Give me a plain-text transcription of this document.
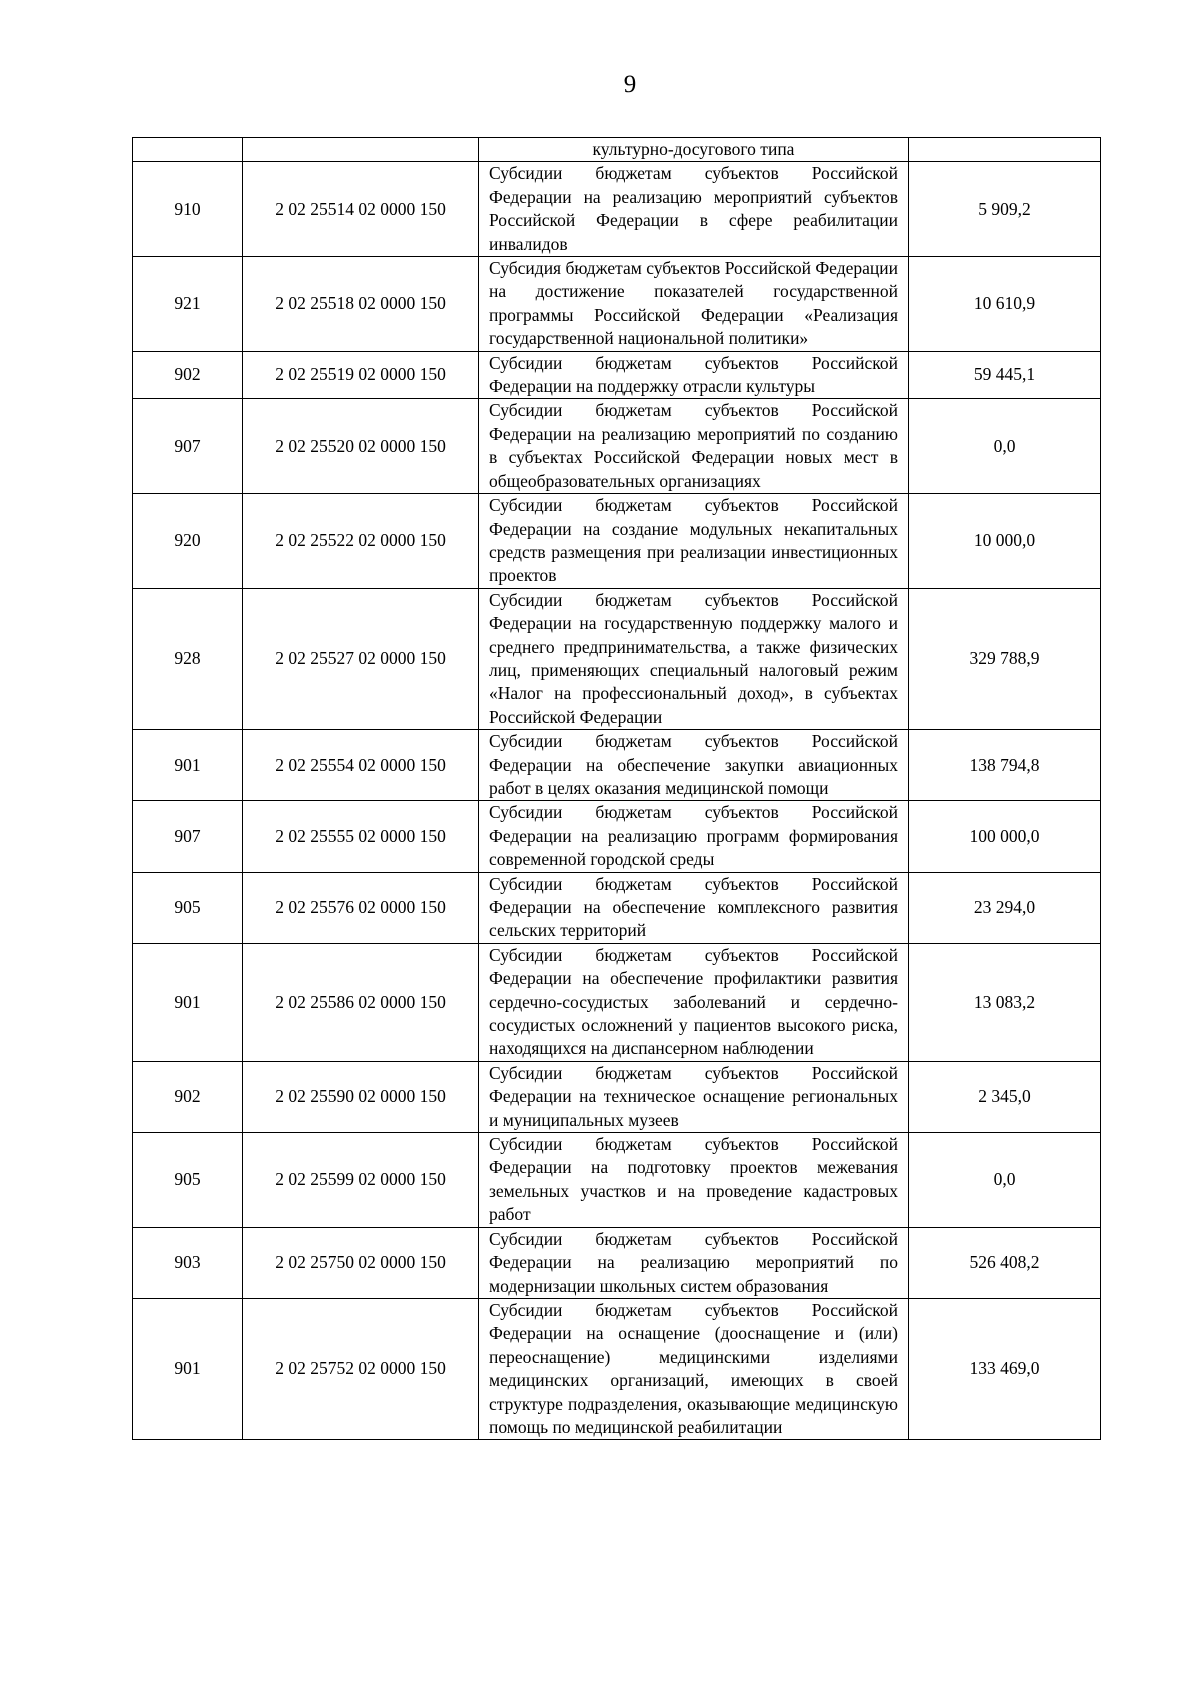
9
		культурно-досугового типа	
910	2 02 25514 02 0000 150	Субсидии бюджетам субъектов Российской Федерации на реализацию мероприятий субъектов Российской Федерации в сфере реабилитации инвалидов	5 909,2
921	2 02 25518 02 0000 150	Субсидия бюджетам субъектов Российской Федерации на достижение показателей государственной программы Российской Федерации «Реализация государственной национальной политики»	10 610,9
902	2 02 25519 02 0000 150	Субсидии бюджетам субъектов Российской Федерации на поддержку отрасли культуры	59 445,1
907	2 02 25520 02 0000 150	Субсидии бюджетам субъектов Российской Федерации на реализацию мероприятий по созданию в субъектах Российской Федерации новых мест в общеобразовательных организациях	0,0
920	2 02 25522 02 0000 150	Субсидии бюджетам субъектов Российской Федерации на создание модульных некапитальных средств размещения при реализации инвестиционных проектов	10 000,0
928	2 02 25527 02 0000 150	Субсидии бюджетам субъектов Российской Федерации на государственную поддержку малого и среднего предпринимательства, а также физических лиц, применяющих специальный налоговый режим «Налог на профессиональный доход», в субъектах Российской Федерации	329 788,9
901	2 02 25554 02 0000 150	Субсидии бюджетам субъектов Российской Федерации на обеспечение закупки авиационных работ в целях оказания медицинской помощи	138 794,8
907	2 02 25555 02 0000 150	Субсидии бюджетам субъектов Российской Федерации на реализацию программ формирования современной городской среды	100 000,0
905	2 02 25576 02 0000 150	Субсидии бюджетам субъектов Российской Федерации на обеспечение комплексного развития сельских территорий	23 294,0
901	2 02 25586 02 0000 150	Субсидии бюджетам субъектов Российской Федерации на обеспечение профилактики развития сердечно-сосудистых заболеваний и сердечно-сосудистых осложнений у пациентов высокого риска, находящихся на диспансерном наблюдении	13 083,2
902	2 02 25590 02 0000 150	Субсидии бюджетам субъектов Российской Федерации на техническое оснащение региональных и муниципальных музеев	2 345,0
905	2 02 25599 02 0000 150	Субсидии бюджетам субъектов Российской Федерации на подготовку проектов межевания земельных участков и на проведение кадастровых работ	0,0
903	2 02 25750 02 0000 150	Субсидии бюджетам субъектов Российской Федерации на реализацию мероприятий по модернизации школьных систем образования	526 408,2
901	2 02 25752 02 0000 150	Субсидии бюджетам субъектов Российской Федерации на оснащение (дооснащение и (или) переоснащение) медицинскими изделиями медицинских организаций, имеющих в своей структуре подразделения, оказывающие медицинскую помощь по медицинской реабилитации	133 469,0
